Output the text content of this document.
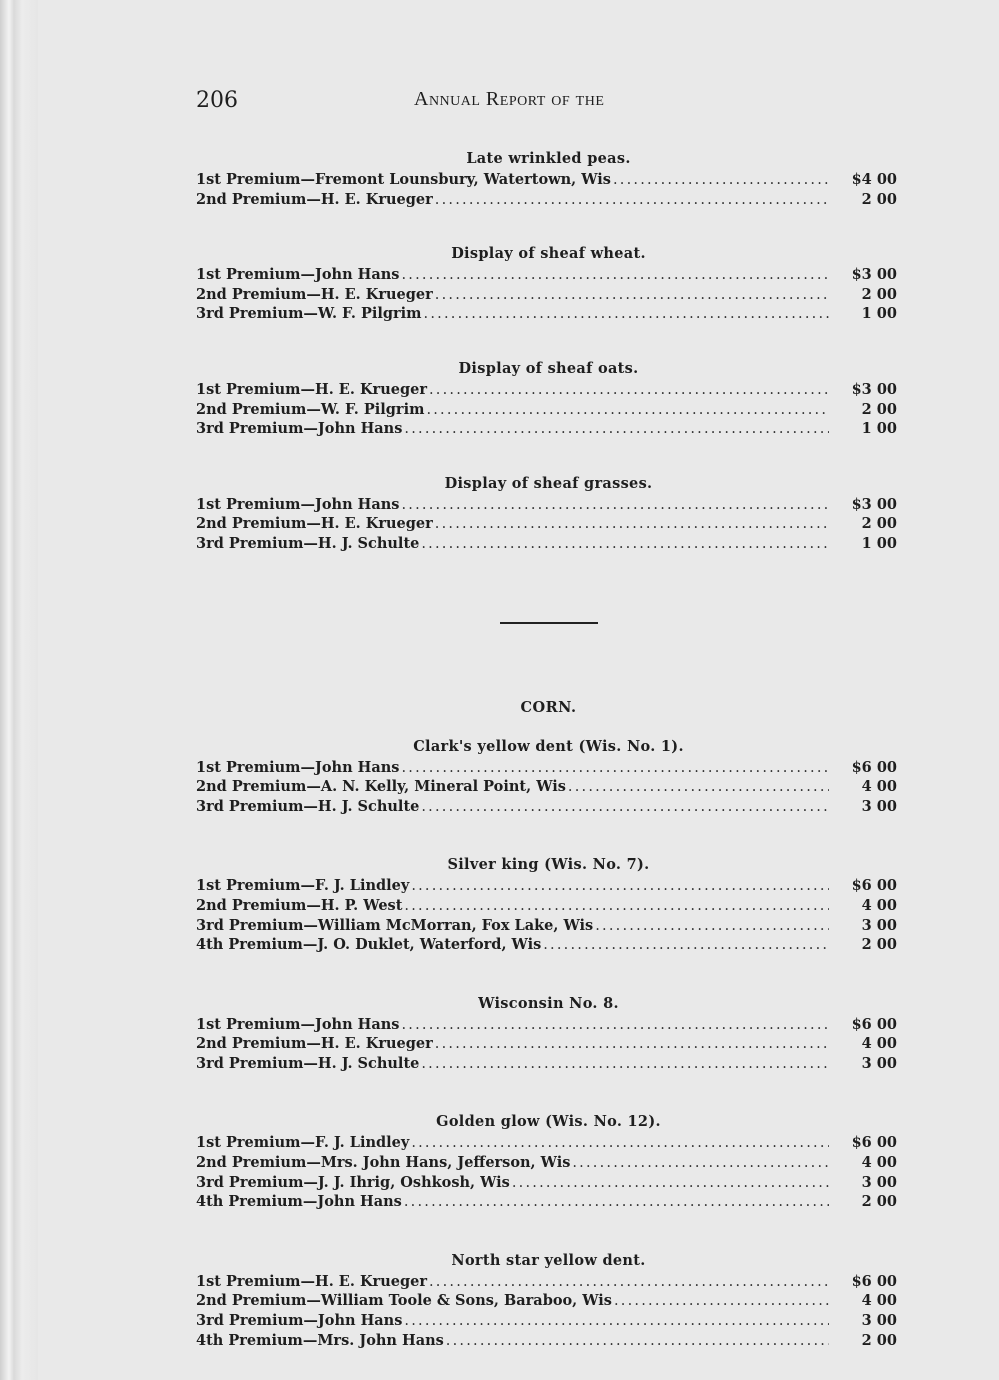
206	Annual Report of the
Late wrinkled peas.
1st Premium—Fremont Lounsbury, Watertown, Wis .....	$4 00
2nd Premium—H. E. Krueger .....	2 00
Display of sheaf wheat.
1st Premium—John Hans .....	$3 00
2nd Premium—H. E. Krueger .....	2 00
3rd Premium—W. F. Pilgrim .....	1 00
Display of sheaf oats.
1st Premium—H. E. Krueger .....	$3 00
2nd Premium—W. F. Pilgrim .....	2 00
3rd Premium—John Hans .....	1 00
Display of sheaf grasses.
1st Premium—John Hans .....	$3 00
2nd Premium—H. E. Krueger .....	2 00
3rd Premium—H. J. Schulte .....	1 00
CORN.
Clark's yellow dent (Wis. No. 1).
1st Premium—John Hans .....	$6 00
2nd Premium—A. N. Kelly, Mineral Point, Wis .....	4 00
3rd Premium—H. J. Schulte .....	3 00
Silver king (Wis. No. 7).
1st Premium—F. J. Lindley .....	$6 00
2nd Premium—H. P. West .....	4 00
3rd Premium—William McMorran, Fox Lake, Wis .....	3 00
4th Premium—J. O. Duklet, Waterford, Wis .....	2 00
Wisconsin No. 8.
1st Premium—John Hans .....	$6 00
2nd Premium—H. E. Krueger .....	4 00
3rd Premium—H. J. Schulte .....	3 00
Golden glow (Wis. No. 12).
1st Premium—F. J. Lindley .....	$6 00
2nd Premium—Mrs. John Hans, Jefferson, Wis .....	4 00
3rd Premium—J. J. Ihrig, Oshkosh, Wis .....	3 00
4th Premium—John Hans .....	2 00
North star yellow dent.
1st Premium—H. E. Krueger .....	$6 00
2nd Premium—William Toole & Sons, Baraboo, Wis .....	4 00
3rd Premium—John Hans .....	3 00
4th Premium—Mrs. John Hans .....	2 00
